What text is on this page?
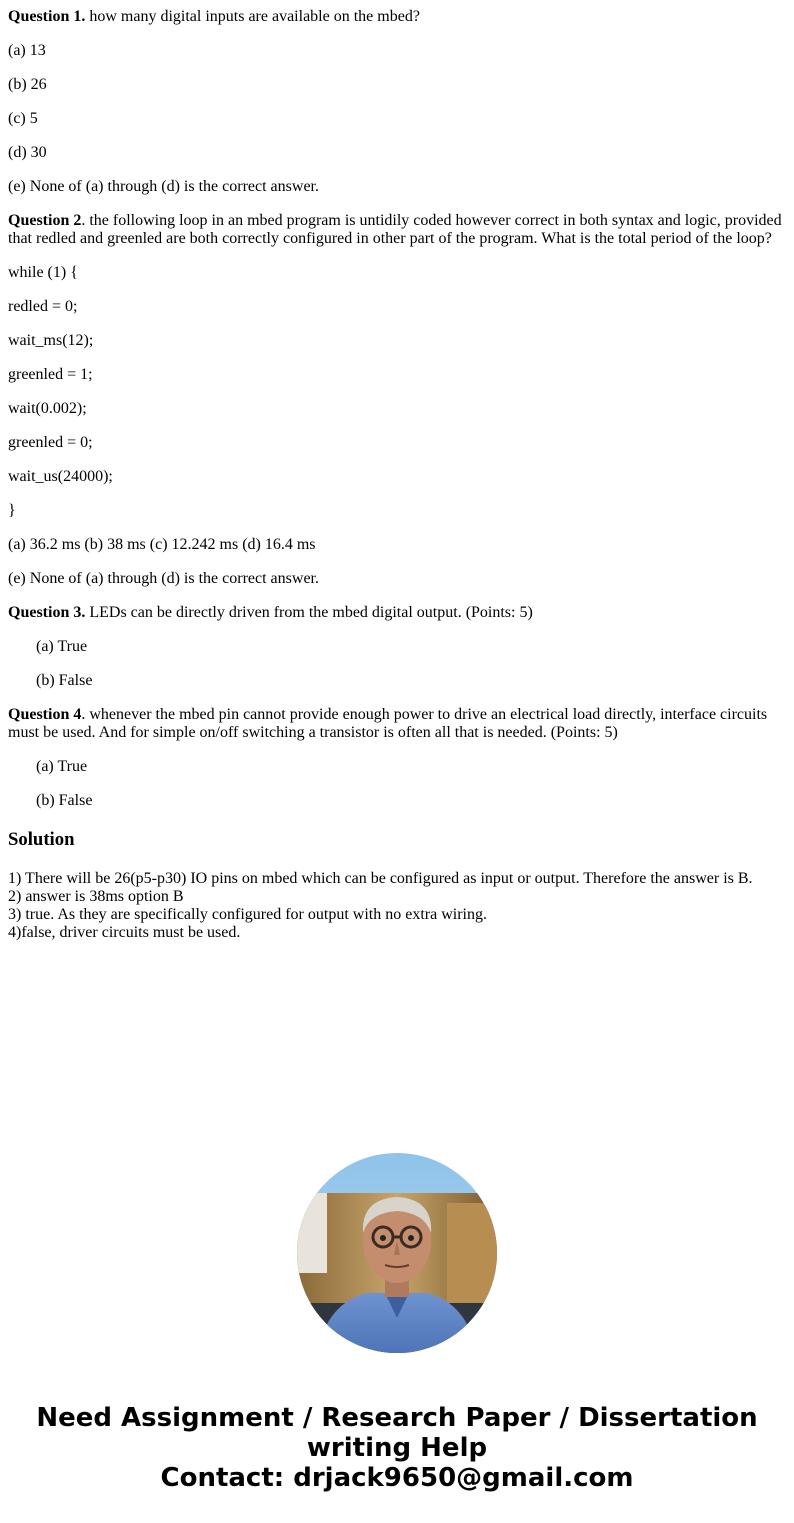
Question 1. how many digital inputs are available on the mbed?

(a) 13

(b) 26

(c) 5

(d) 30

(e) None of (a) through (d) is the correct answer.

Question 2. the following loop in an mbed program is untidily coded however correct in both syntax and logic, provided that redled and greenled are both correctly configured in other part of the program. What is the total period of the loop?

while (1) {

redled = 0;

wait_ms(12);

greenled = 1;

wait(0.002);

greenled = 0;

wait_us(24000);

}

(a) 36.2 ms (b) 38 ms (c) 12.242 ms (d) 16.4 ms

(e) None of (a) through (d) is the correct answer.

Question 3. LEDs can be directly driven from the mbed digital output. (Points: 5)

(a) True

(b) False

Question 4. whenever the mbed pin cannot provide enough power to drive an electrical load directly, interface circuits must be used. And for simple on/off switching a transistor is often all that is needed. (Points: 5)

(a) True

(b) False

Solution
1) There will be 26(p5-p30) IO pins on mbed which can be configured as input or output. Therefore the answer is B.
2) answer is 38ms option B
3) true. As they are specifically configured for output with no extra wiring.
4)false, driver circuits must be used.
Need Assignment / Research Paper / Dissertation
writing Help
Contact: drjack9650@gmail.com
